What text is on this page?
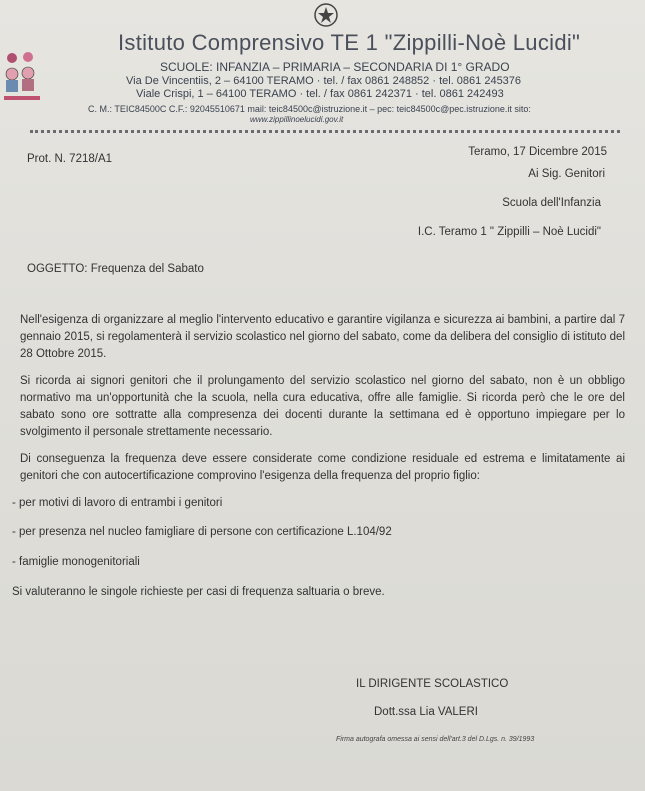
Istituto Comprensivo TE 1 "Zippilli-Noè Lucidi"
SCUOLE: INFANZIA – PRIMARIA – SECONDARIA DI 1° GRADO
Via De Vincentiis, 2 – 64100 TERAMO · tel. / fax 0861 248852 · tel. 0861 245376
Viale Crispi, 1 – 64100 TERAMO · tel. / fax 0861 242371 · tel. 0861 242493
C. M.: TEIC84500C C.F.: 92045510671 mail: teic84500c@istruzione.it – pec: teic84500c@pec.istruzione.it sito:
www.zippillinoelucidi.gov.it
Prot. N. 7218/A1
Teramo, 17 Dicembre 2015
Ai Sig. Genitori
Scuola dell'Infanzia
I.C. Teramo 1 " Zippilli – Noè Lucidi"
OGGETTO: Frequenza del Sabato

Nell'esigenza di organizzare al meglio l'intervento educativo e garantire vigilanza e sicurezza ai bambini, a partire dal 7 gennaio 2015, si regolamenterà il servizio scolastico nel giorno del sabato, come da delibera del consiglio di istituto del 28 Ottobre 2015.

Si ricorda ai signori genitori che il prolungamento del servizio scolastico nel giorno del sabato, non è un obbligo normativo ma un'opportunità che la scuola, nella cura educativa, offre alle famiglie. Si ricorda però che le ore del sabato sono ore sottratte alla compresenza dei docenti durante la settimana ed è opportuno impiegare per lo svolgimento il personale strettamente necessario.

Di conseguenza la frequenza deve essere considerate come condizione residuale ed estrema e limitatamente ai genitori che con autocertificazione comprovino l'esigenza della frequenza del proprio figlio:

- per motivi di lavoro di entrambi i genitori
- per presenza nel nucleo famigliare di persone con certificazione L.104/92
- famiglie monogenitoriali
Si valuteranno le singole richieste per casi di frequenza saltuaria o breve.
IL DIRIGENTE SCOLASTICO
Dott.ssa Lia VALERI
Firma autografa omessa ai sensi dell'art.3 del D.Lgs. n. 39/1993
